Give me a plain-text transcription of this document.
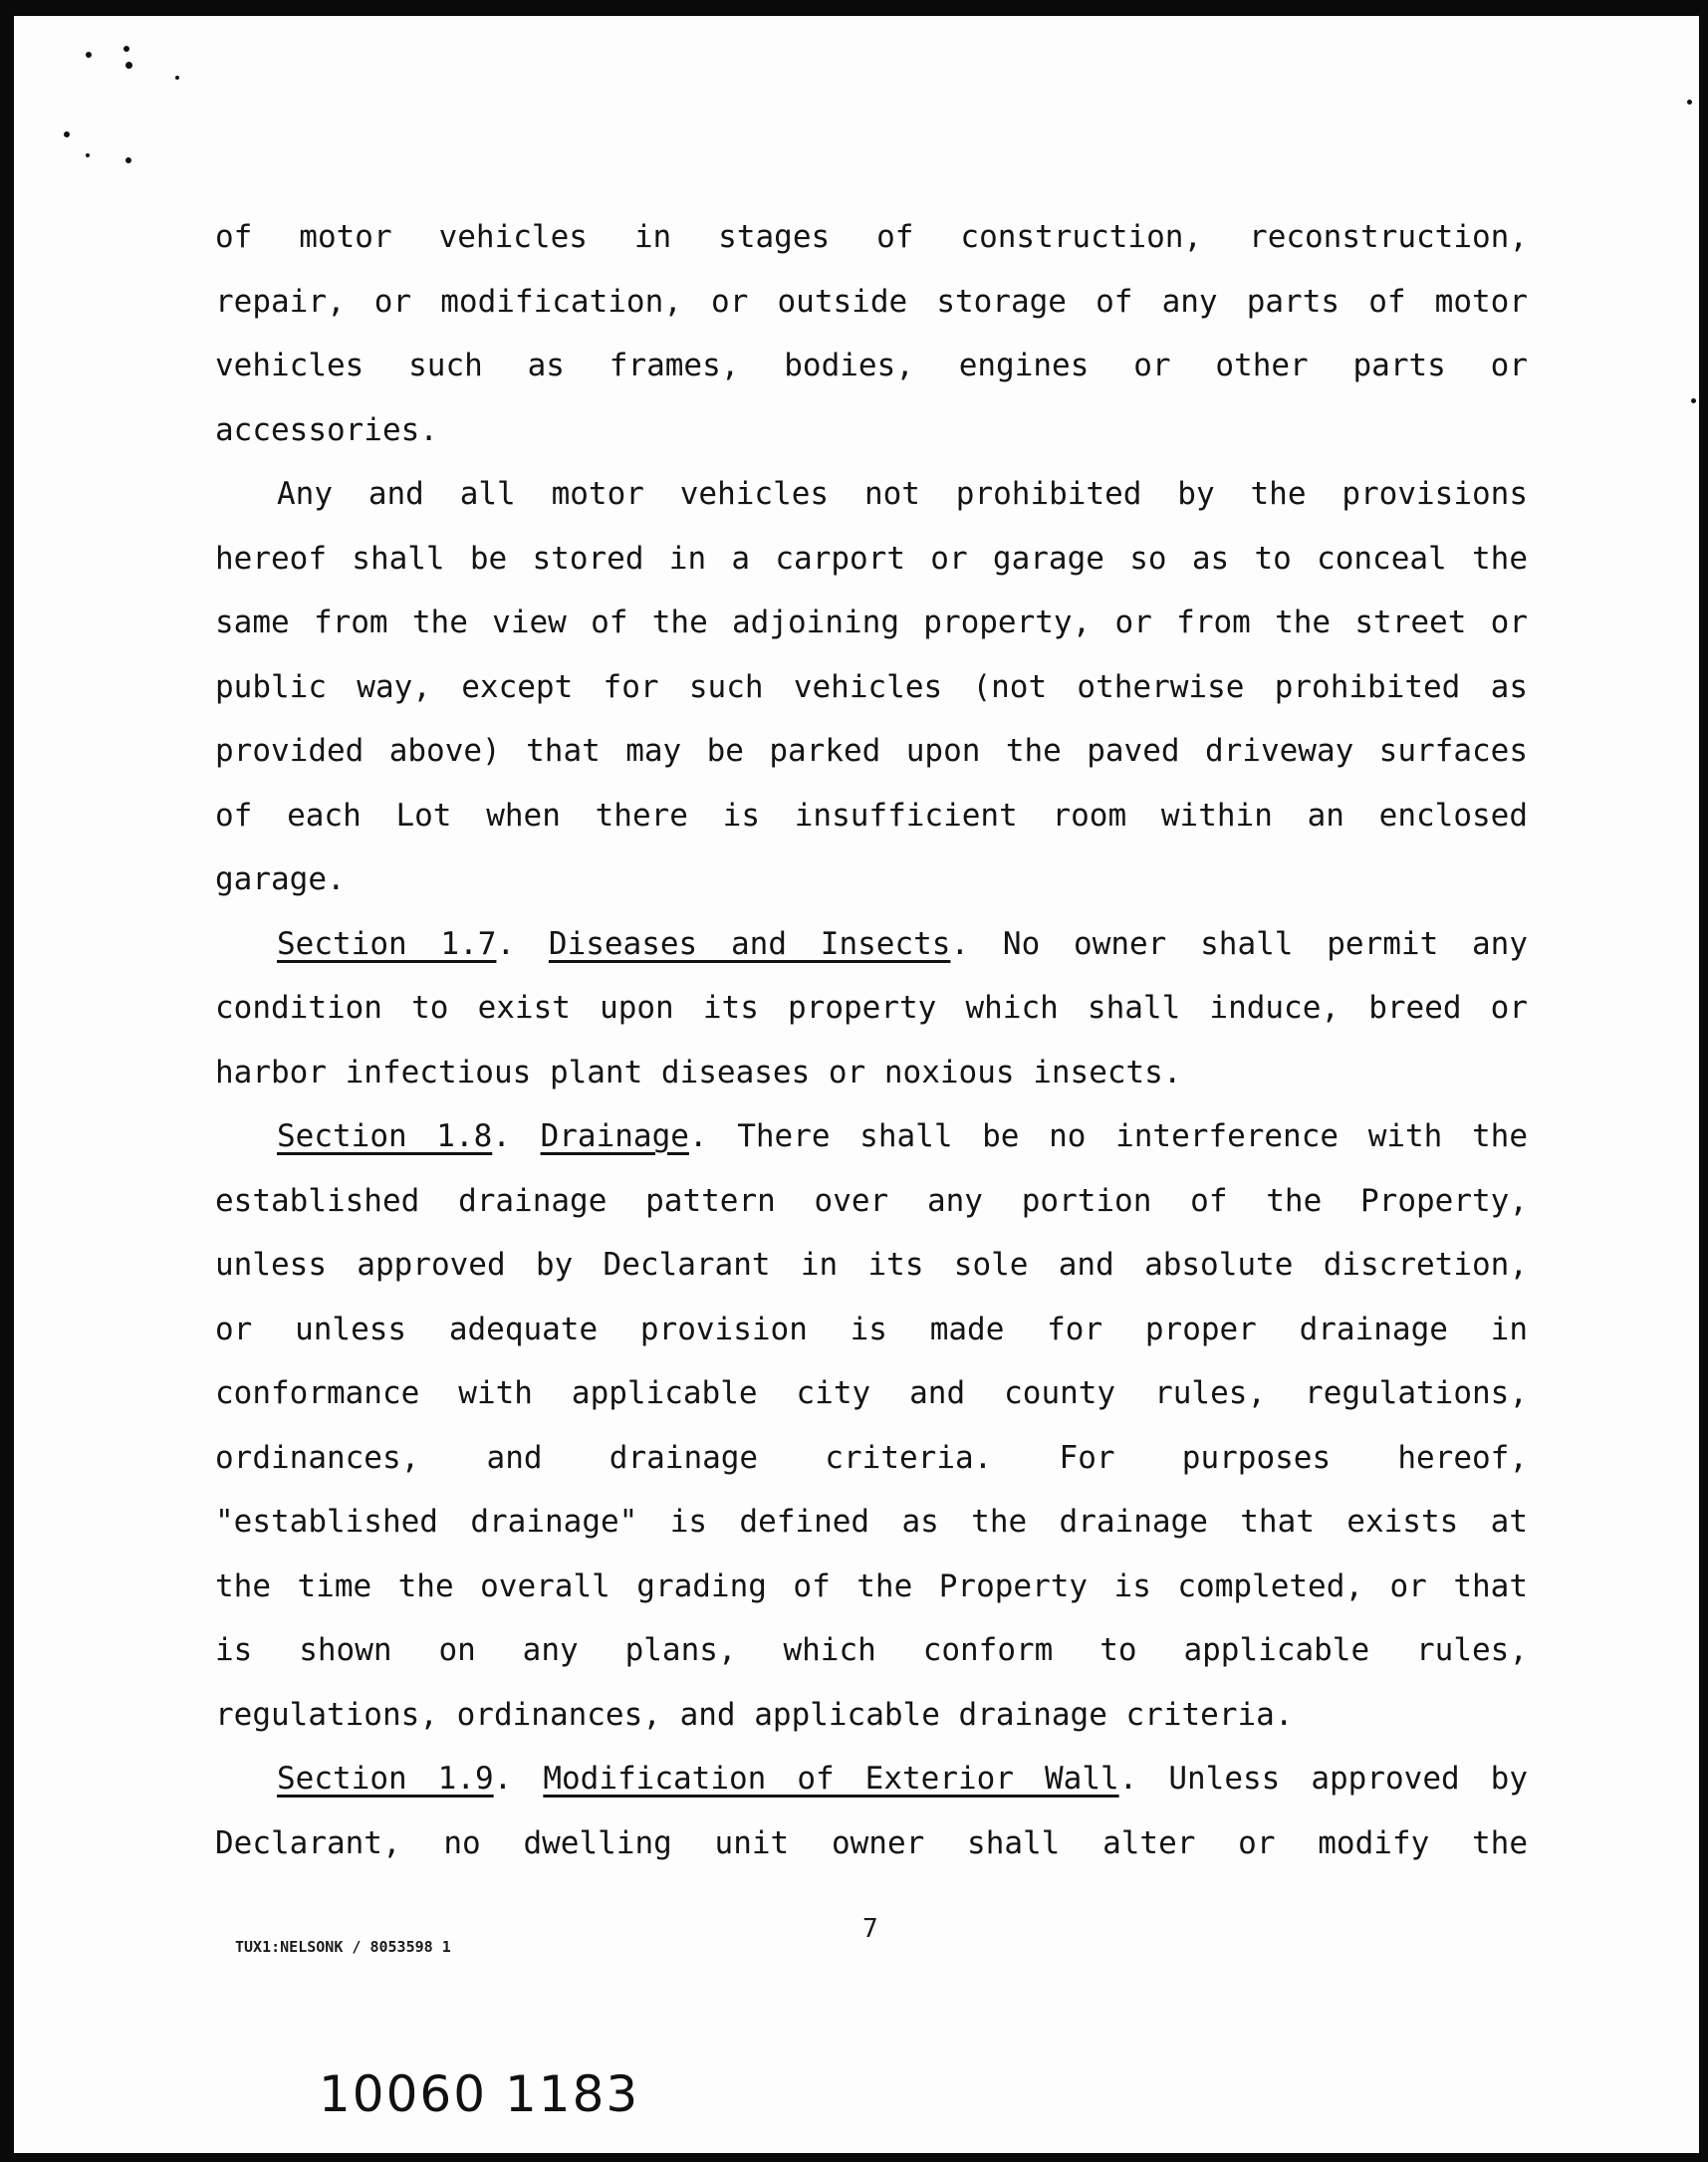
of motor vehicles in stages of construction, reconstruction,
repair, or modification, or outside storage of any parts of motor
vehicles such as frames, bodies, engines or other parts or
accessories.
Any and all motor vehicles not prohibited by the provisions
hereof shall be stored in a carport or garage so as to conceal the
same from the view of the adjoining property, or from the street or
public way, except for such vehicles (not otherwise prohibited as
provided above) that may be parked upon the paved driveway surfaces
of each Lot when there is insufficient room within an enclosed
garage.
Section 1.7. Diseases and Insects. No owner shall permit any
condition to exist upon its property which shall induce, breed or
harbor infectious plant diseases or noxious insects.
Section 1.8. Drainage. There shall be no interference with the
established drainage pattern over any portion of the Property,
unless approved by Declarant in its sole and absolute discretion,
or unless adequate provision is made for proper drainage in
conformance with applicable city and county rules, regulations,
ordinances, and drainage criteria. For purposes hereof,
"established drainage" is defined as the drainage that exists at
the time the overall grading of the Property is completed, or that
is shown on any plans, which conform to applicable rules,
regulations, ordinances, and applicable drainage criteria.
Section 1.9. Modification of Exterior Wall. Unless approved by
Declarant, no dwelling unit owner shall alter or modify the
TUX1:NELSONK / 8053598 1
7
10060 1183
